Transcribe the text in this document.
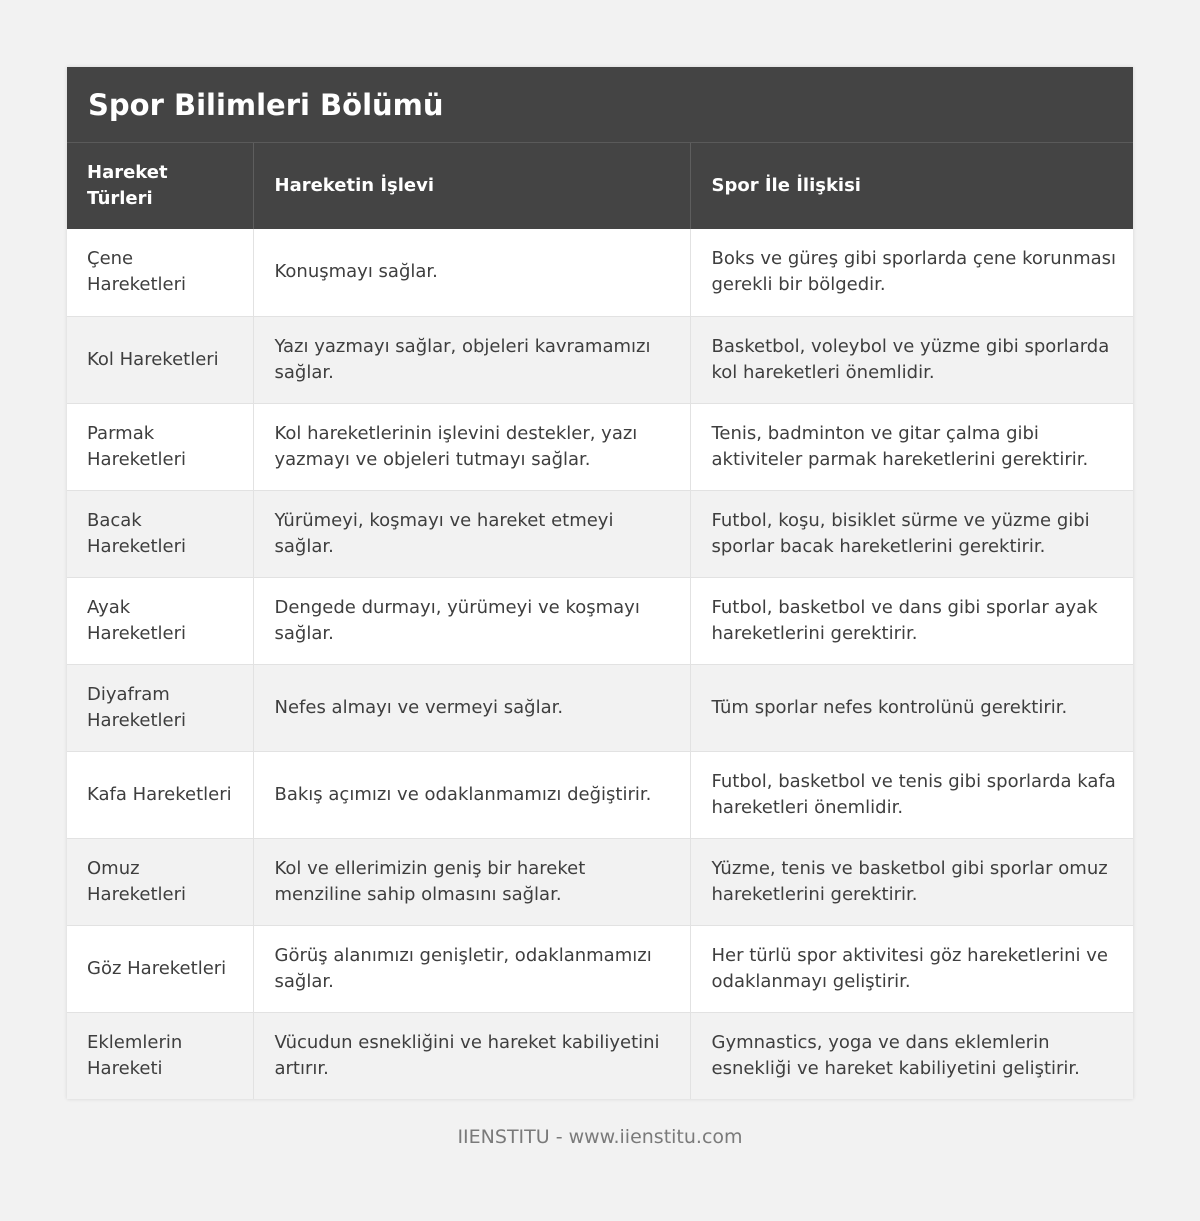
Spor Bilimleri Bölümü
Hareket Türleri	Hareketin İşlevi	Spor İle İlişkisi
Çene Hareketleri	Konuşmayı sağlar.	Boks ve güreş gibi sporlarda çene korunması gerekli bir bölgedir.
Kol Hareketleri	Yazı yazmayı sağlar, objeleri kavramamızı sağlar.	Basketbol, voleybol ve yüzme gibi sporlarda kol hareketleri önemlidir.
Parmak Hareketleri	Kol hareketlerinin işlevini destekler, yazı yazmayı ve objeleri tutmayı sağlar.	Tenis, badminton ve gitar çalma gibi aktiviteler parmak hareketlerini gerektirir.
Bacak Hareketleri	Yürümeyi, koşmayı ve hareket etmeyi sağlar.	Futbol, koşu, bisiklet sürme ve yüzme gibi sporlar bacak hareketlerini gerektirir.
Ayak Hareketleri	Dengede durmayı, yürümeyi ve koşmayı sağlar.	Futbol, basketbol ve dans gibi sporlar ayak hareketlerini gerektirir.
Diyafram Hareketleri	Nefes almayı ve vermeyi sağlar.	Tüm sporlar nefes kontrolünü gerektirir.
Kafa Hareketleri	Bakış açımızı ve odaklanmamızı değiştirir.	Futbol, basketbol ve tenis gibi sporlarda kafa hareketleri önemlidir.
Omuz Hareketleri	Kol ve ellerimizin geniş bir hareket menziline sahip olmasını sağlar.	Yüzme, tenis ve basketbol gibi sporlar omuz hareketlerini gerektirir.
Göz Hareketleri	Görüş alanımızı genişletir, odaklanmamızı sağlar.	Her türlü spor aktivitesi göz hareketlerini ve odaklanmayı geliştirir.
Eklemlerin Hareketi	Vücudun esnekliğini ve hareket kabiliyetini artırır.	Gymnastics, yoga ve dans eklemlerin esnekliği ve hareket kabiliyetini geliştirir.
IIENSTITU - www.iienstitu.com
